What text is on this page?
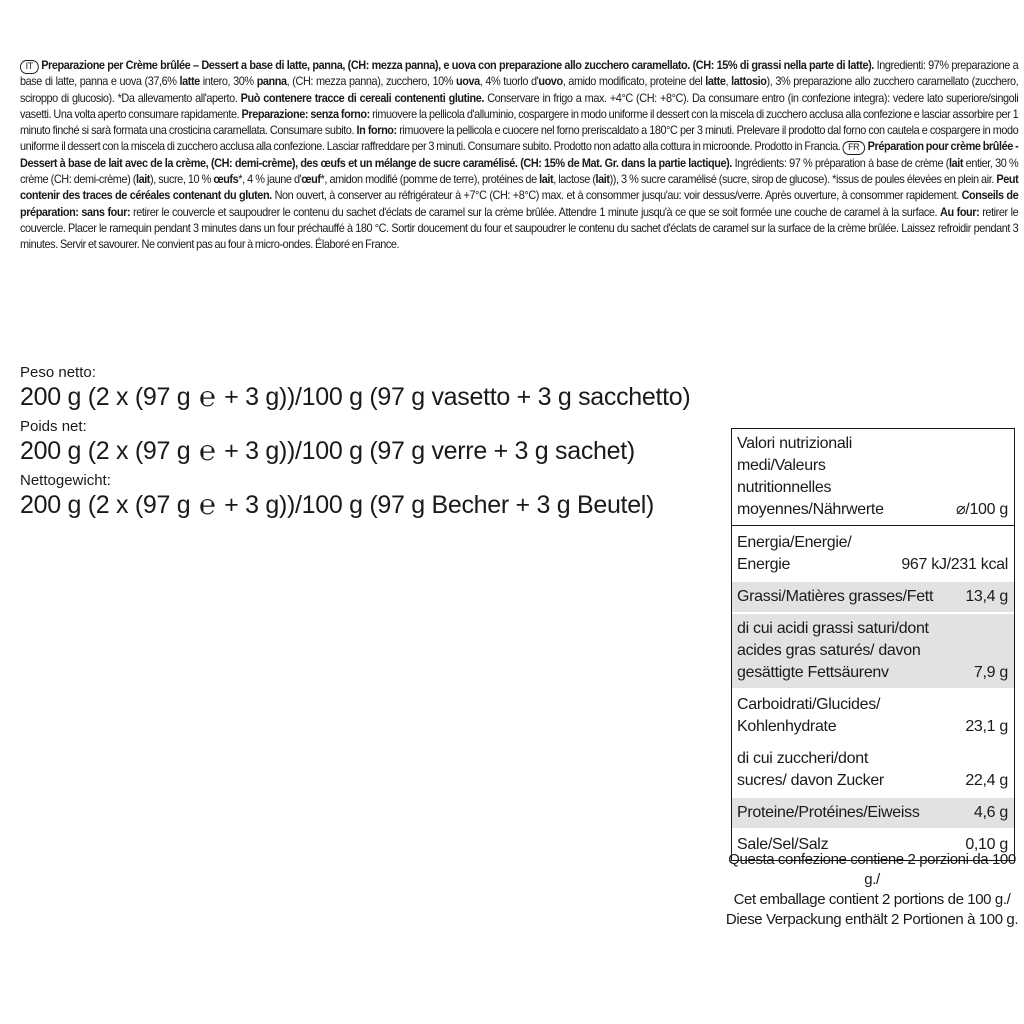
IT Preparazione per Crème brûlée – Dessert a base di latte, panna, (CH: mezza panna), e uova con preparazione allo zucchero caramellato. (CH: 15% di grassi nella parte di latte). Ingredienti: 97% preparazione a base di latte, panna e uova (37,6% latte intero, 30% panna, (CH: mezza panna), zucchero, 10% uova, 4% tuorlo d'uovo, amido modificato, proteine del latte, lattosio), 3% preparazione allo zucchero caramellato (zucchero, sciroppo di glucosio). *Da allevamento all'aperto. Può contenere tracce di cereali contenenti glutine. Conservare in frigo a max. +4°C (CH: +8°C). Da consumare entro (in confezione integra): vedere lato superiore/singoli vasetti. Una volta aperto consumare rapidamente. Preparazione: senza forno: rimuovere la pellicola d'alluminio, cospargere in modo uniforme il dessert con la miscela di zucchero acclusa alla confezione e lasciar assorbire per 1 minuto finché si sarà formata una crosticina caramellata. Consumare subito. In forno: rimuovere la pellicola e cuocere nel forno preriscaldato a 180°C per 3 minuti. Prelevare il prodotto dal forno con cautela e cospargere in modo uniforme il dessert con la miscela di zucchero acclusa alla confezione. Lasciar raffreddare per 3 minuti. Consumare subito. Prodotto non adatto alla cottura in microonde. Prodotto in Francia. FR Préparation pour crème brûlée - Dessert à base de lait avec de la crème, (CH: demi-crème), des œufs et un mélange de sucre caramélisé. (CH: 15% de Mat. Gr. dans la partie lactique). Ingrédients: 97 % préparation à base de crème (lait entier, 30 % crème (CH: demi-crème) (lait), sucre, 10 % œufs*, 4 % jaune d'œuf*, amidon modifié (pomme de terre), protéines de lait, lactose (lait)), 3 % sucre caramélisé (sucre, sirop de glucose). *issus de poules élevées en plein air. Peut contenir des traces de céréales contenant du gluten. Non ouvert, à conserver au réfrigérateur à +7°C (CH: +8°C) max. et à consommer jusqu'au: voir dessus/verre. Après ouverture, à consommer rapidement. Conseils de préparation: sans four: retirer le couvercle et saupoudrer le contenu du sachet d'éclats de caramel sur la crème brûlée. Attendre 1 minute jusqu'à ce que se soit formée une couche de caramel à la surface. Au four: retirer le couvercle. Placer le ramequin pendant 3 minutes dans un four préchauffé à 180 °C. Sortir doucement du four et saupoudrer le contenu du sachet d'éclats de caramel sur la surface de la crème brûlée. Laissez refroidir pendant 3 minutes. Servir et savourer. Ne convient pas au four à micro-ondes. Élaboré en France.
Peso netto:
200 g (2 x (97 g ℮ + 3 g))/100 g (97 g vasetto + 3 g sacchetto)
Poids net:
200 g (2 x (97 g ℮ + 3 g))/100 g (97 g verre + 3 g sachet)
Nettogewicht:
200 g (2 x (97 g ℮ + 3 g))/100 g (97 g Becher + 3 g Beutel)
Valori nutrizionali medi/Valeurs nutritionnelles moyennes/Nährwerte	⌀/100 g
Energia/Energie/ Energie	967 kJ/231 kcal
Grassi/Matières grasses/Fett 13,4 g
di cui acidi grassi saturi/dont acides gras saturés/ davon gesättigte Fettsäurenv	7,9 g
Carboidrati/Glucides/ Kohlenhydrate	23,1 g
di cui zuccheri/dont sucres/ davon Zucker	22,4 g
Proteine/Protéines/Eiweiss	4,6 g
Sale/Sel/Salz	0,10 g
Questa confezione contiene 2 porzioni da 100 g./
Cet emballage contient 2 portions de 100 g./
Diese Verpackung enthält 2 Portionen à 100 g.
